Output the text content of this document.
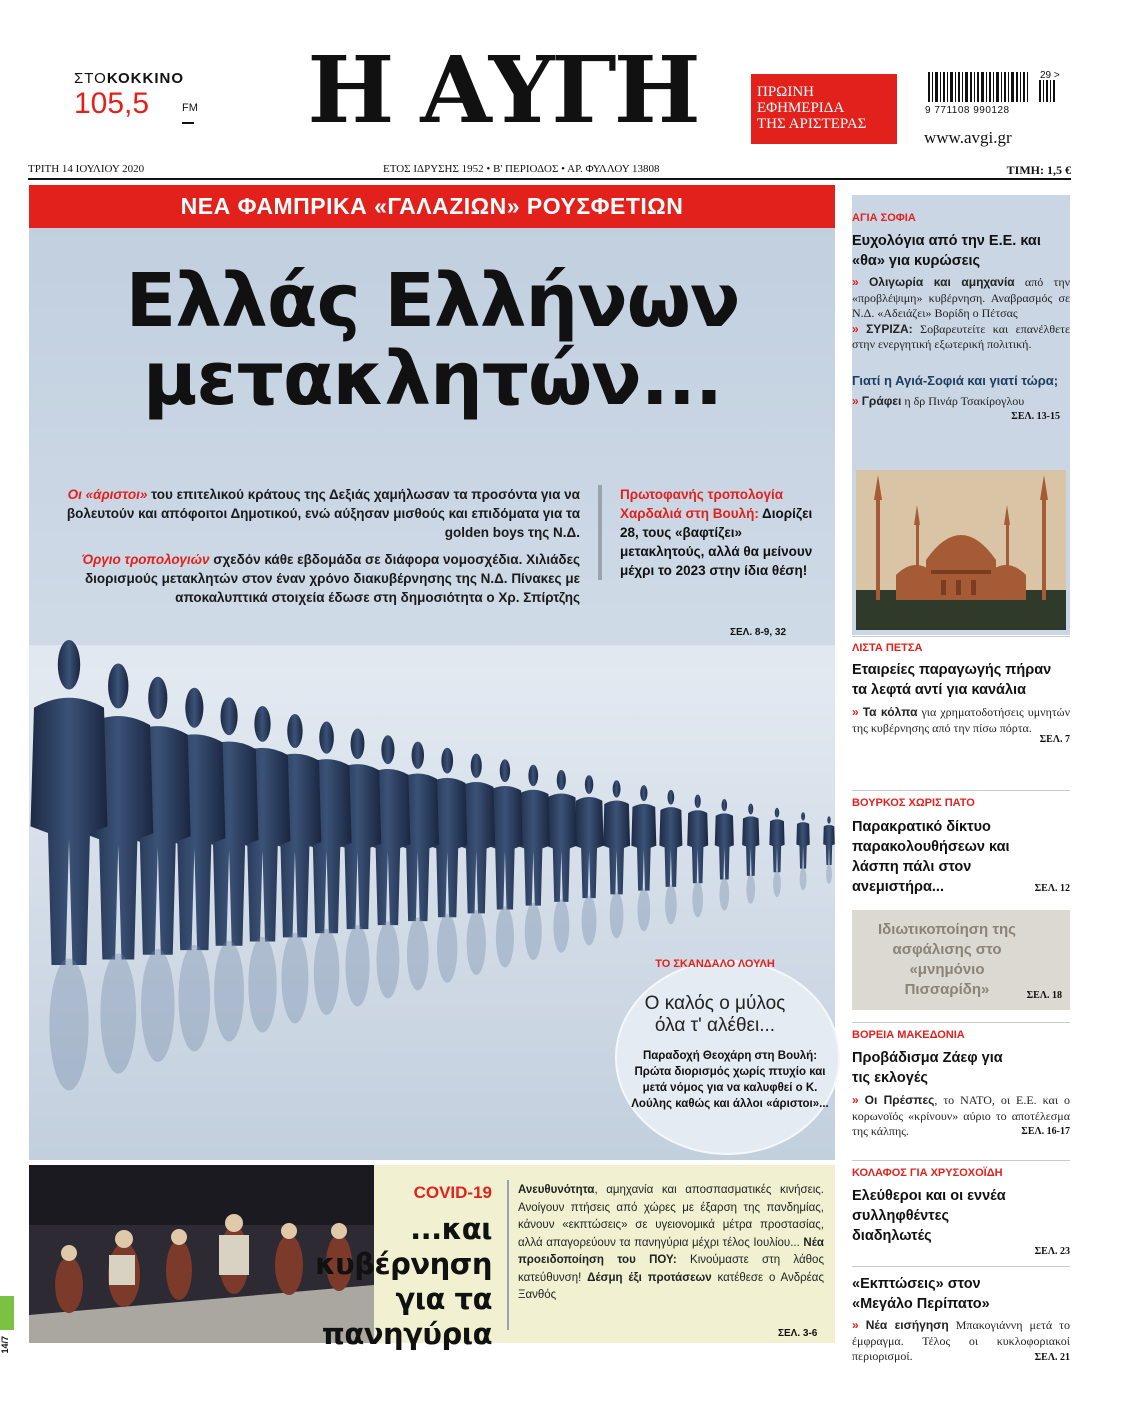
ΣΤΟΚΟΚΚΙΝΟ
105,5	FM	Η ΑΥΓΗ	ΠΡΩΙΝΗ
ΕΦΗΜΕΡΙΔΑ
ΤΗΣ ΑΡΙΣΤΕΡΑΣ
9 771108 990128
29 >
www.avgi.gr
ΤΡΙΤΗ 14 ΙΟΥΛΙΟΥ 2020	ΕΤΟΣ ΙΔΡΥΣΗΣ 1952 • Β' ΠΕΡΙΟΔΟΣ • ΑΡ. ΦΥΛΛΟΥ 13808	ΤΙΜΗ: 1,5 €
ΝΕΑ ΦΑΜΠΡΙΚΑ «ΓΑΛΑΖΙΩΝ» ΡΟΥΣΦΕΤΙΩΝ
Ελλάς Ελλήνων
μετακλητών...

Οι «άριστοι» του επιτελικού κράτους της Δεξιάς χαμήλωσαν τα προσόντα για να βολευτούν και απόφοιτοι Δημοτικού, ενώ αύξησαν μισθούς και επιδόματα για τα golden boys της Ν.Δ.

Όργιο τροπολογιών σχεδόν κάθε εβδομάδα σε διάφορα νομοσχέδια. Χιλιάδες διορισμούς μετακλητών στον έναν χρόνο διακυβέρνησης της Ν.Δ. Πίνακες με αποκαλυπτικά στοιχεία έδωσε στη δημοσιότητα ο Χρ. Σπίρτζης

Πρωτοφανής τροπολογία Χαρδαλιά στη Βουλή: Διορίζει 28, τους «βαφτίζει» μετακλητούς, αλλά θα μείνουν μέχρι το 2023 στην ίδια θέση!
ΣΕΛ. 8-9, 32
ΤΟ ΣΚΑΝΔΑΛΟ ΛΟΥΛΗ
Ο καλός ο μύλος όλα τ' αλέθει...
Παραδοχή Θεοχάρη στη Βουλή: Πρώτα διορισμός χωρίς πτυχίο και μετά νόμος για να καλυφθεί ο Κ. Λούλης καθώς και άλλοι «άριστοι»...
COVID-19
...και
κυβέρνηση
για τα πανηγύρια
Ανευθυνότητα, αμηχανία και αποσπασματικές κινήσεις. Ανοίγουν πτήσεις από χώρες με έξαρση της πανδημίας, κάνουν «εκπτώσεις» σε υγειονομικά μέτρα προστασίας, αλλά απαγορεύουν τα πανηγύρια μέχρι τέλος Ιουλίου... Νέα προειδοποίηση του ΠΟΥ: Κινούμαστε στη λάθος κατεύθυνση! Δέσμη έξι προτάσεων κατέθεσε ο Ανδρέας Ξανθός
ΣΕΛ. 3-6
ΑΓΙΑ ΣΟΦΙΑ
Ευχολόγια από την Ε.Ε. και «θα» για κυρώσεις
» Ολιγωρία και αμηχανία από την «προβλέψιμη» κυβέρνηση. Αναβρασμός σε Ν.Δ. «Αδειάζει» Βορίδη ο Πέτσας
» ΣΥΡΙΖΑ: Σοβαρευτείτε και επανέλθετε στην ενεργητική εξωτερική πολιτική.
Γιατί η Αγιά-Σοφιά και γιατί τώρα;
» Γράφει η δρ Πινάρ Τσακίρογλου
ΣΕΛ. 13-15
ΛΙΣΤΑ ΠΕΤΣΑ
Εταιρείες παραγωγής πήραν τα λεφτά αντί για κανάλια
» Τα κόλπα για χρηματοδοτήσεις υμνητών της κυβέρνησης από την πίσω πόρτα.
ΣΕΛ. 7
ΒΟΥΡΚΟΣ ΧΩΡΙΣ ΠΑΤΟ
Παρακρατικό δίκτυο παρακολουθήσεων και λάσπη πάλι στον ανεμιστήρα...	ΣΕΛ. 12
Ιδιωτικοποίηση της ασφάλισης στο «μνημόνιο Πισσαρίδη»	ΣΕΛ. 18
ΒΟΡΕΙΑ ΜΑΚΕΔΟΝΙΑ
Προβάδισμα Ζάεφ για τις εκλογές
» Οι Πρέσπες, το ΝΑΤΟ, οι Ε.Ε. και ο κορωνοϊός «κρίνουν» αύριο το αποτέλεσμα της κάλπης.	ΣΕΛ. 16-17
ΚΟΛΑΦΟΣ ΓΙΑ ΧΡΥΣΟΧΟΪΔΗ
Ελεύθεροι και οι εννέα συλληφθέντες διαδηλωτές
ΣΕΛ. 23
«Εκπτώσεις» στον «Μεγάλο Περίπατο»
» Νέα εισήγηση Μπακογιάννη μετά το έμφραγμα. Τέλος οι κυκλοφοριακοί περιορισμοί.	ΣΕΛ. 21
14/7
